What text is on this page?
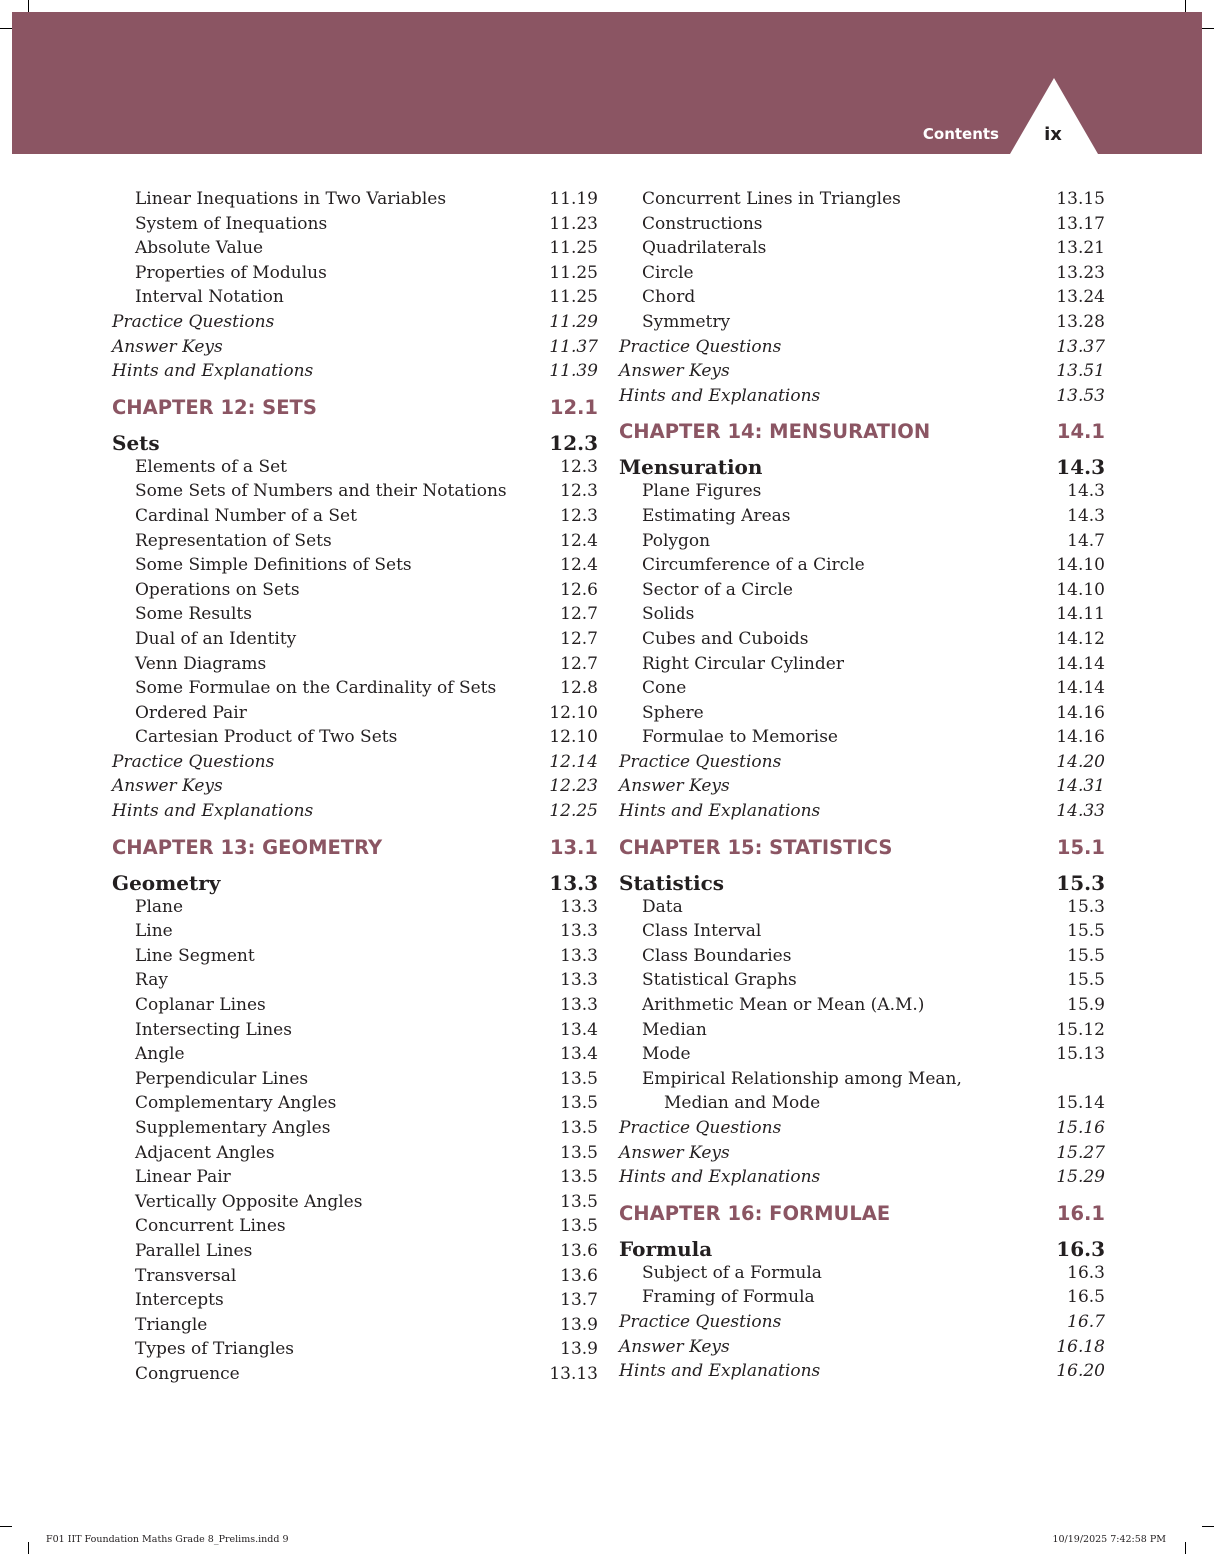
Contents	ix
Linear Inequations in Two Variables	11.19
System of Inequations	11.23
Absolute Value	11.25
Properties of Modulus	11.25
Interval Notation	11.25
Practice Questions	11.29
Answer Keys	11.37
Hints and Explanations	11.39
CHAPTER 12: SETS	12.1
Sets	12.3
Elements of a Set	12.3
Some Sets of Numbers and their Notations	12.3
Cardinal Number of a Set	12.3
Representation of Sets	12.4
Some Simple Definitions of Sets	12.4
Operations on Sets	12.6
Some Results	12.7
Dual of an Identity	12.7
Venn Diagrams	12.7
Some Formulae on the Cardinality of Sets	12.8
Ordered Pair	12.10
Cartesian Product of Two Sets	12.10
Practice Questions	12.14
Answer Keys	12.23
Hints and Explanations	12.25
CHAPTER 13: GEOMETRY	13.1
Geometry	13.3
Plane	13.3
Line	13.3
Line Segment	13.3
Ray	13.3
Coplanar Lines	13.3
Intersecting Lines	13.4
Angle	13.4
Perpendicular Lines	13.5
Complementary Angles	13.5
Supplementary Angles	13.5
Adjacent Angles	13.5
Linear Pair	13.5
Vertically Opposite Angles	13.5
Concurrent Lines	13.5
Parallel Lines	13.6
Transversal	13.6
Intercepts	13.7
Triangle	13.9
Types of Triangles	13.9
Congruence	13.13
Concurrent Lines in Triangles	13.15
Constructions	13.17
Quadrilaterals	13.21
Circle	13.23
Chord	13.24
Symmetry	13.28
Practice Questions	13.37
Answer Keys	13.51
Hints and Explanations	13.53
CHAPTER 14: MENSURATION	14.1
Mensuration	14.3
Plane Figures	14.3
Estimating Areas	14.3
Polygon	14.7
Circumference of a Circle	14.10
Sector of a Circle	14.10
Solids	14.11
Cubes and Cuboids	14.12
Right Circular Cylinder	14.14
Cone	14.14
Sphere	14.16
Formulae to Memorise	14.16
Practice Questions	14.20
Answer Keys	14.31
Hints and Explanations	14.33
CHAPTER 15: STATISTICS	15.1
Statistics	15.3
Data	15.3
Class Interval	15.5
Class Boundaries	15.5
Statistical Graphs	15.5
Arithmetic Mean or Mean (A.M.)	15.9
Median	15.12
Mode	15.13
Empirical Relationship among Mean,
Median and Mode	15.14
Practice Questions	15.16
Answer Keys	15.27
Hints and Explanations	15.29
CHAPTER 16: FORMULAE	16.1
Formula	16.3
Subject of a Formula	16.3
Framing of Formula	16.5
Practice Questions	16.7
Answer Keys	16.18
Hints and Explanations	16.20
F01 IIT Foundation Maths Grade 8_Prelims.indd 9	10/19/2025 7:42:58 PM
